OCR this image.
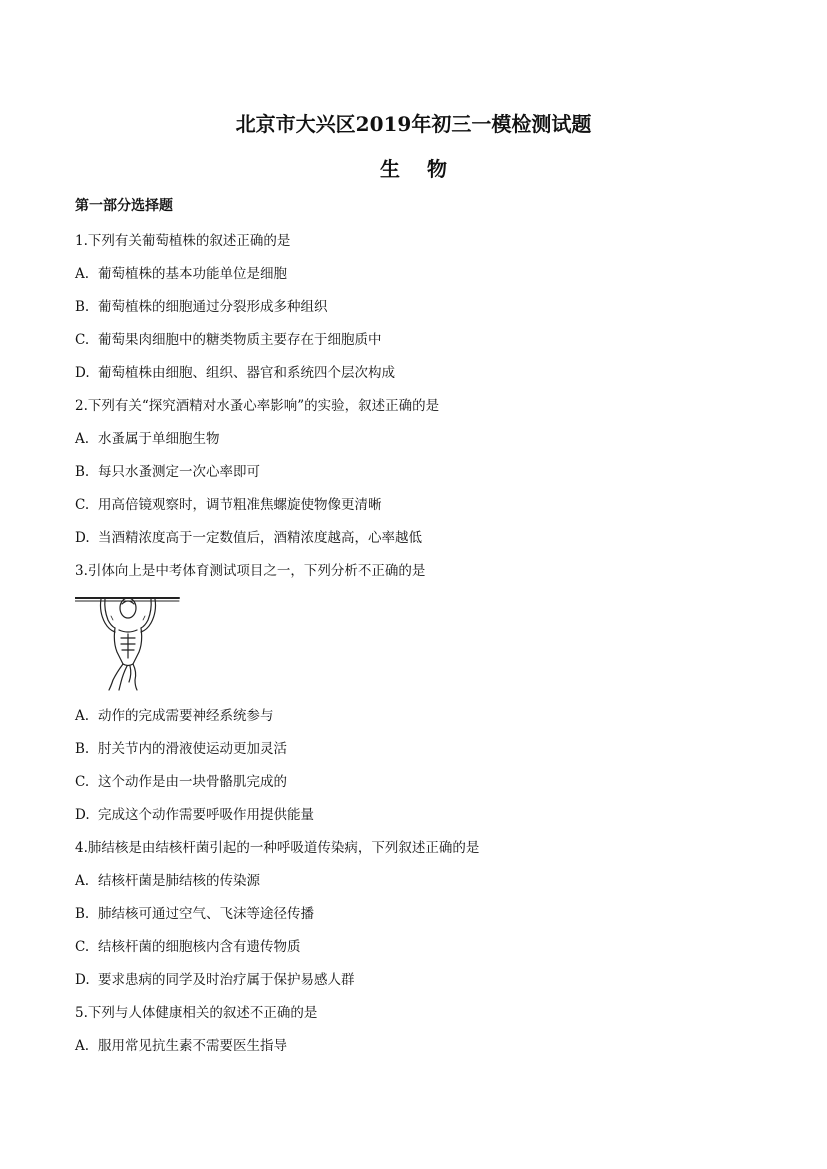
北京市大兴区2019年初三一模检测试题
生 物
第一部分选择题
1.下列有关葡萄植株的叙述正确的是
A. 葡萄植株的基本功能单位是细胞
B. 葡萄植株的细胞通过分裂形成多种组织
C. 葡萄果肉细胞中的糖类物质主要存在于细胞质中
D. 葡萄植株由细胞、组织、器官和系统四个层次构成
2.下列有关“探究酒精对水蚤心率影响”的实验，叙述正确的是
A. 水蚤属于单细胞生物
B. 每只水蚤测定一次心率即可
C. 用高倍镜观察时，调节粗准焦螺旋使物像更清晰
D. 当酒精浓度高于一定数值后，酒精浓度越高，心率越低
3.引体向上是中考体育测试项目之一，下列分析不正确的是
A. 动作的完成需要神经系统参与
B. 肘关节内的滑液使运动更加灵活
C. 这个动作是由一块骨骼肌完成的
D. 完成这个动作需要呼吸作用提供能量
4.肺结核是由结核杆菌引起的一种呼吸道传染病，下列叙述正确的是
A. 结核杆菌是肺结核的传染源
B. 肺结核可通过空气、飞沫等途径传播
C. 结核杆菌的细胞核内含有遗传物质
D. 要求患病的同学及时治疗属于保护易感人群
5.下列与人体健康相关的叙述不正确的是
A. 服用常见抗生素不需要医生指导
